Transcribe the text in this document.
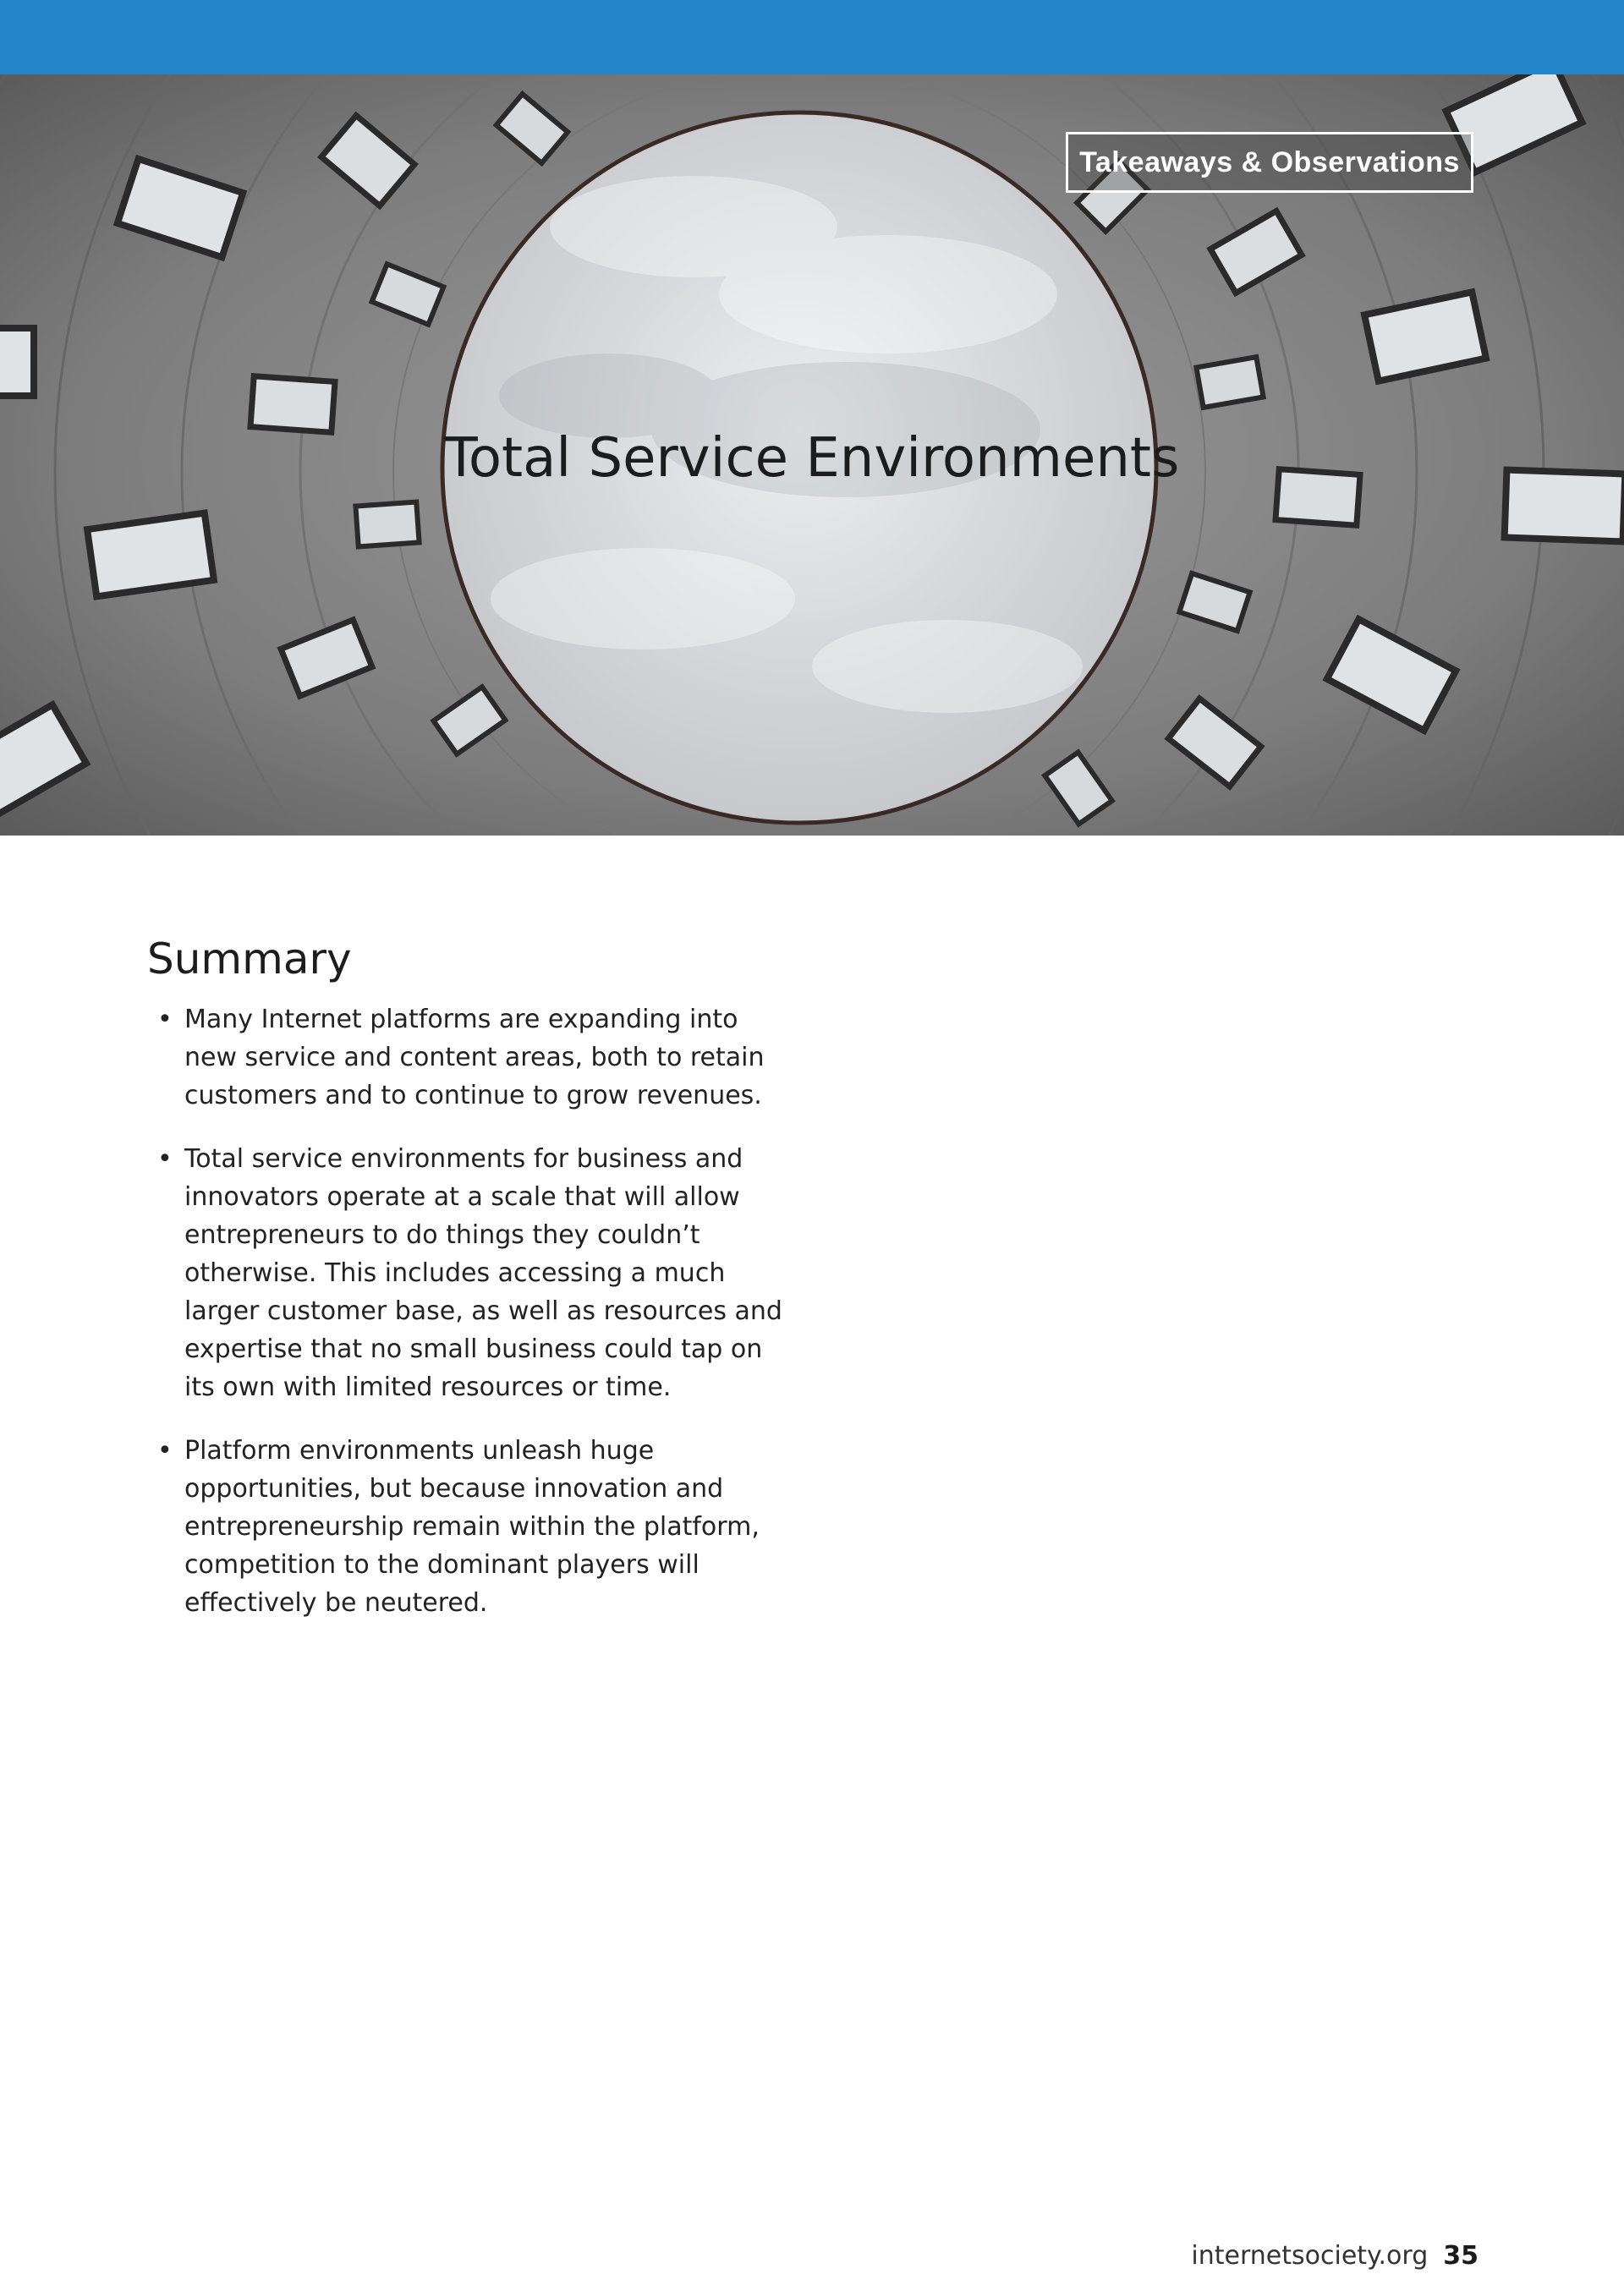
Takeaways & Observations
Total Service Environments
Summary
• Many Internet platforms are expanding into new service and content areas, both to retain customers and to continue to grow revenues.
• Total service environments for business and innovators operate at a scale that will allow entrepreneurs to do things they couldn’t otherwise. This includes accessing a much larger customer base, as well as resources and expertise that no small business could tap on its own with limited resources or time.
• Platform environments unleash huge opportunities, but because innovation and entrepreneurship remain within the platform, competition to the dominant players will effectively be neutered.
internetsociety.org 35
